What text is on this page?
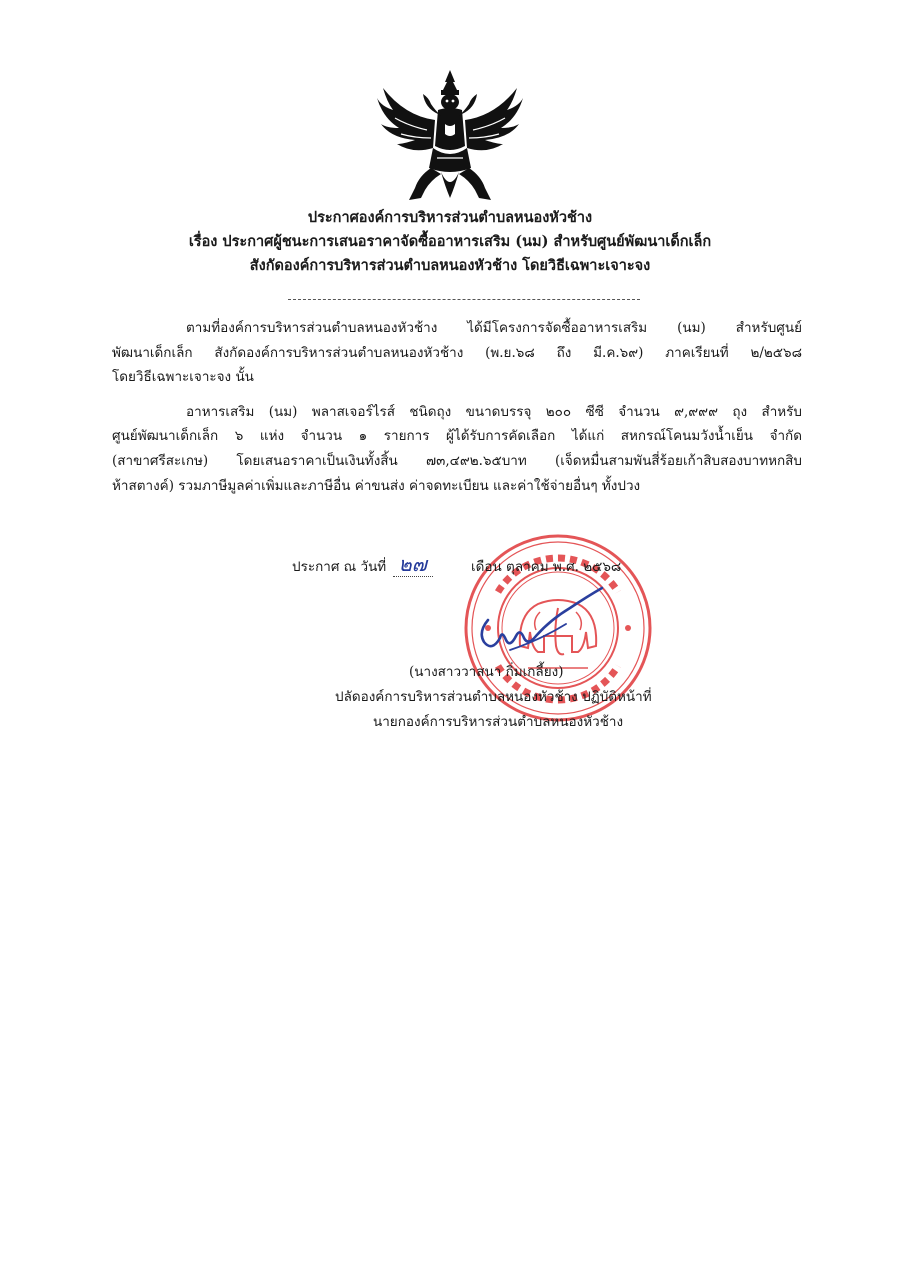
ประกาศองค์การบริหารส่วนตำบลหนองหัวช้าง
เรื่อง ประกาศผู้ชนะการเสนอราคาจัดซื้ออาหารเสริม (นม) สำหรับศูนย์พัฒนาเด็กเล็ก
สังกัดองค์การบริหารส่วนตำบลหนองหัวช้าง โดยวิธีเฉพาะเจาะจง
ตามที่องค์การบริหารส่วนตำบลหนองหัวช้าง ได้มีโครงการจัดซื้ออาหารเสริม (นม) สำหรับศูนย์
พัฒนาเด็กเล็ก สังกัดองค์การบริหารส่วนตำบลหนองหัวช้าง (พ.ย.๖๘ ถึง มี.ค.๖๙) ภาคเรียนที่ ๒/๒๕๖๘
โดยวิธีเฉพาะเจาะจง นั้น
อาหารเสริม (นม) พลาสเจอร์ไรส์ ชนิดถุง ขนาดบรรจุ ๒๐๐ ซีซี จำนวน ๙,๙๙๙ ถุง สำหรับ
ศูนย์พัฒนาเด็กเล็ก ๖ แห่ง จำนวน ๑ รายการ ผู้ได้รับการคัดเลือก ได้แก่ สหกรณ์โคนมวังน้ำเย็น จำกัด
(สาขาศรีสะเกษ) โดยเสนอราคาเป็นเงินทั้งสิ้น ๗๓,๔๙๒.๖๕บาท (เจ็ดหมื่นสามพันสี่ร้อยเก้าสิบสองบาทหกสิบ
ห้าสตางค์) รวมภาษีมูลค่าเพิ่มและภาษีอื่น ค่าขนส่ง ค่าจดทะเบียน และค่าใช้จ่ายอื่นๆ ทั้งปวง
ประกาศ ณ วันที่ ๒๗	เดือน ตุลาคม พ.ศ. ๒๕๖๘
(นางสาววาสนา กิ่มเกลี้ยง)
ปลัดองค์การบริหารส่วนตำบลหนองหัวช้าง ปฏิบัติหน้าที่
นายกองค์การบริหารส่วนตำบลหนองหัวช้าง
